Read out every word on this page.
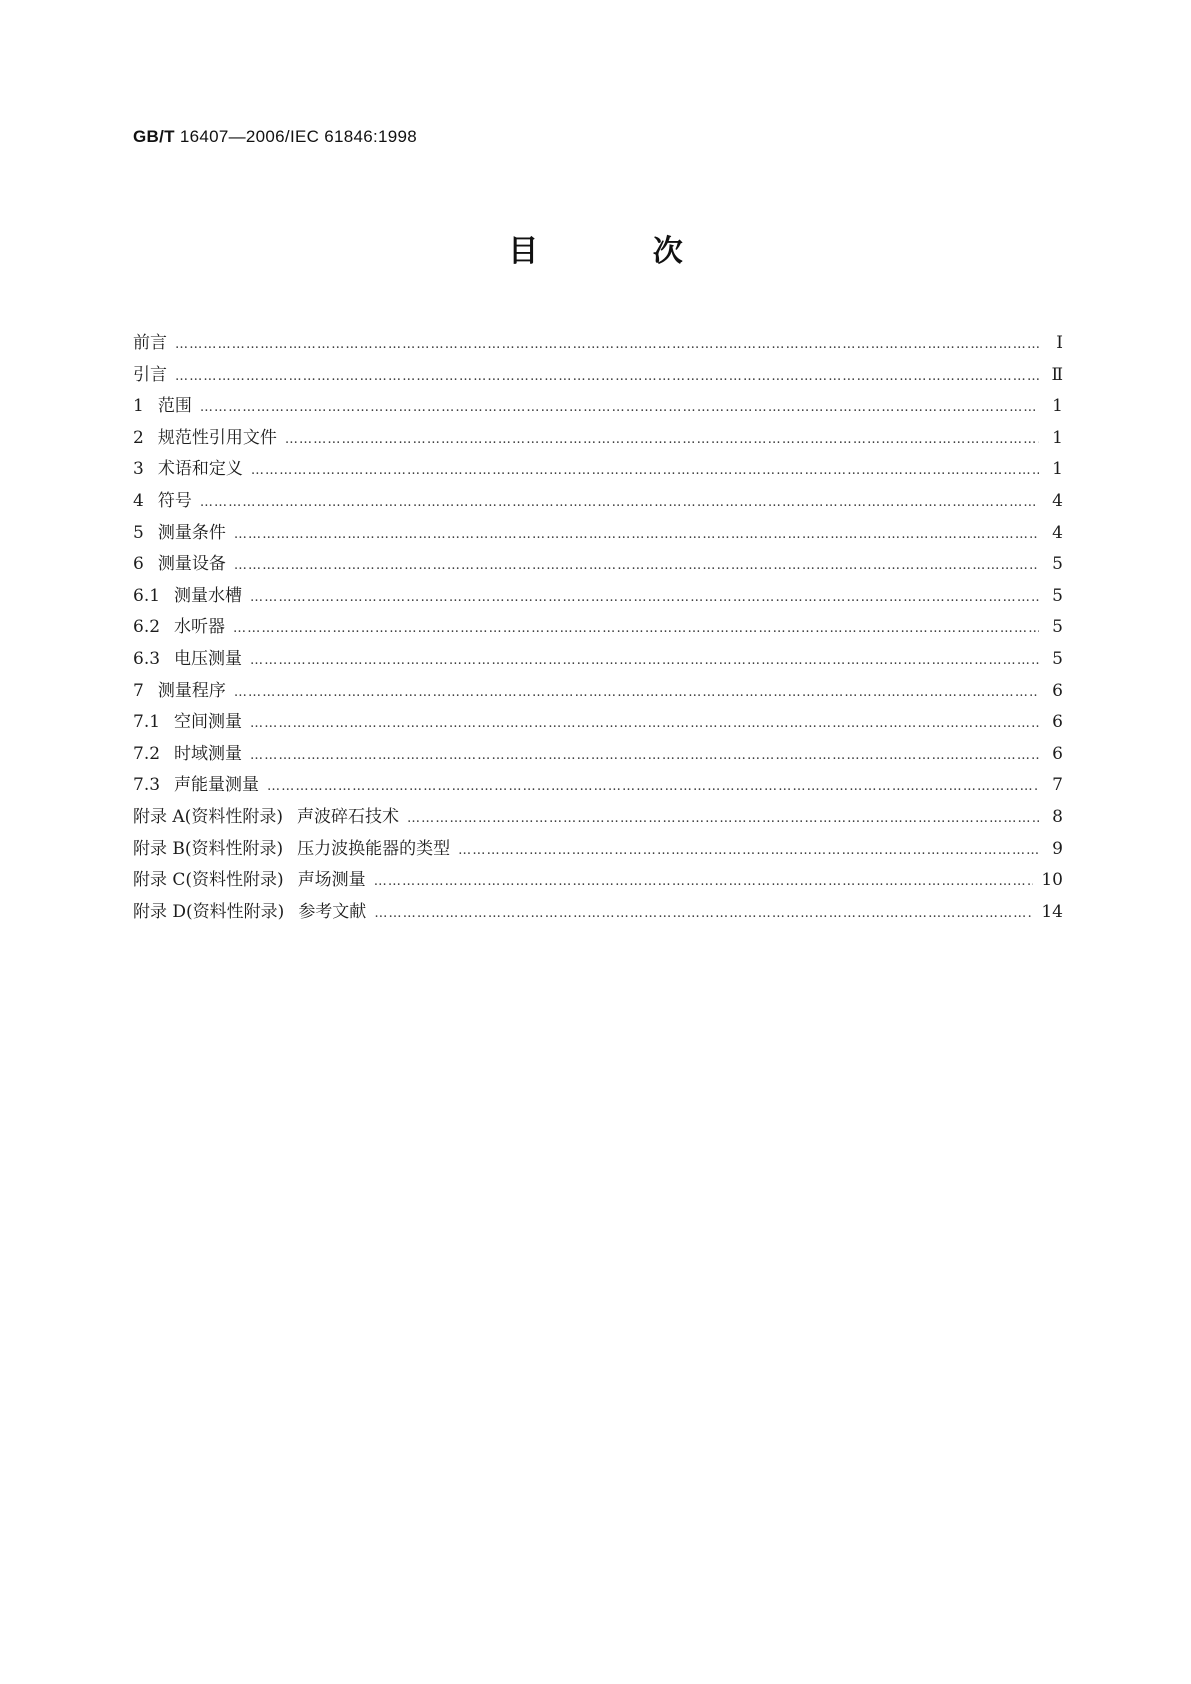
GB/T 16407—2006/IEC 61846:1998
目 次
前言 …………………………………………………………………………………………………………………………………………………………………………………………	Ⅰ
引言 …………………………………………………………………………………………………………………………………………………………………………………………	Ⅱ
1 范围 …………………………………………………………………………………………………………………………………………………………………………………………	1
2 规范性引用文件 …………………………………………………………………………………………………………………………………………………………………………………………	1
3 术语和定义 …………………………………………………………………………………………………………………………………………………………………………………………	1
4 符号 …………………………………………………………………………………………………………………………………………………………………………………………	4
5 测量条件 …………………………………………………………………………………………………………………………………………………………………………………………	4
6 测量设备 …………………………………………………………………………………………………………………………………………………………………………………………	5
6.1 测量水槽 …………………………………………………………………………………………………………………………………………………………………………………………	5
6.2 水听器 …………………………………………………………………………………………………………………………………………………………………………………………	5
6.3 电压测量 …………………………………………………………………………………………………………………………………………………………………………………………	5
7 测量程序 …………………………………………………………………………………………………………………………………………………………………………………………	6
7.1 空间测量 …………………………………………………………………………………………………………………………………………………………………………………………	6
7.2 时域测量 …………………………………………………………………………………………………………………………………………………………………………………………	6
7.3 声能量测量 …………………………………………………………………………………………………………………………………………………………………………………………	7
附录 A(资料性附录) 声波碎石技术 …………………………………………………………………………………………………………………………………………………………………………………………	8
附录 B(资料性附录) 压力波换能器的类型 …………………………………………………………………………………………………………………………………………………………………………………………	9
附录 C(资料性附录) 声场测量 …………………………………………………………………………………………………………………………………………………………………………………………	10
附录 D(资料性附录) 参考文献 …………………………………………………………………………………………………………………………………………………………………………………………	14
